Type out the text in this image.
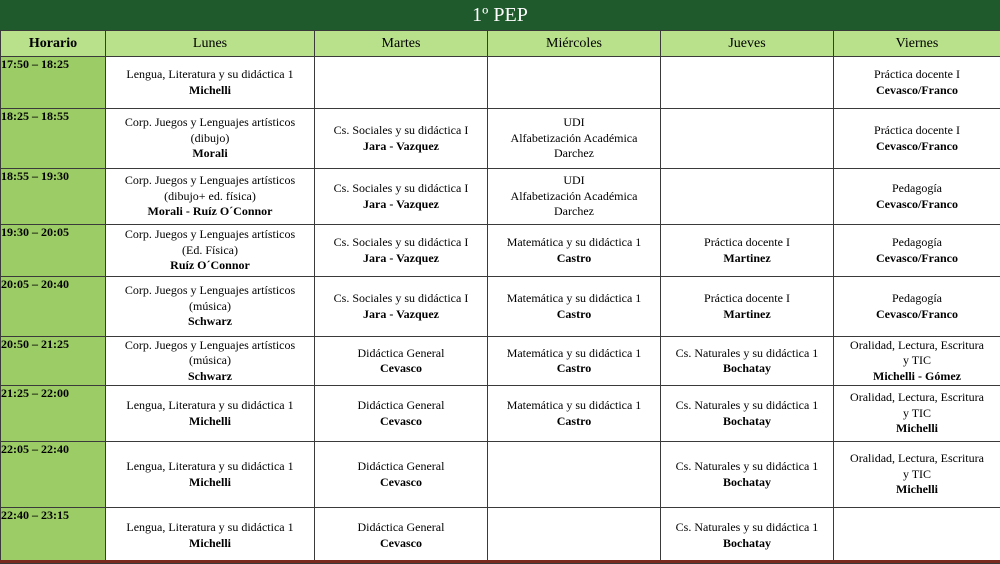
1º PEP
Horario	Lunes	Martes	Miércoles	Jueves	Viernes
17:50 – 18:25	Lengua, Literatura y su didáctica 1
Michelli				Práctica docente I
Cevasco/Franco

18:25 – 18:55	Corp. Juegos y Lenguajes artísticos
(dibujo)
Morali	Cs. Sociales y su didáctica I
Jara - Vazquez	UDI
Alfabetización Académica
Darchez		Práctica docente I
Cevasco/Franco

18:55 – 19:30	Corp. Juegos y Lenguajes artísticos
(dibujo+ ed. física)
Morali - Ruíz O´Connor	Cs. Sociales y su didáctica I
Jara - Vazquez	UDI
Alfabetización Académica
Darchez		Pedagogía
Cevasco/Franco

19:30 – 20:05	Corp. Juegos y Lenguajes artísticos
(Ed. Física)
Ruíz O´Connor	Cs. Sociales y su didáctica I
Jara - Vazquez	Matemática y su didáctica 1
Castro	Práctica docente I
Martinez	Pedagogía
Cevasco/Franco

20:05 – 20:40	Corp. Juegos y Lenguajes artísticos
(música)
Schwarz	Cs. Sociales y su didáctica I
Jara - Vazquez	Matemática y su didáctica 1
Castro	Práctica docente I
Martinez	Pedagogía
Cevasco/Franco

20:50 – 21:25	Corp. Juegos y Lenguajes artísticos
(música)
Schwarz	Didáctica General
Cevasco	Matemática y su didáctica 1
Castro	Cs. Naturales y su didáctica 1
Bochatay	Oralidad, Lectura, Escritura
y TIC
Michelli - Gómez

21:25 – 22:00	Lengua, Literatura y su didáctica 1
Michelli	Didáctica General
Cevasco	Matemática y su didáctica 1
Castro	Cs. Naturales y su didáctica 1
Bochatay	Oralidad, Lectura, Escritura
y TIC
Michelli

22:05 – 22:40	Lengua, Literatura y su didáctica 1
Michelli	Didáctica General
Cevasco		Cs. Naturales y su didáctica 1
Bochatay	Oralidad, Lectura, Escritura
y TIC
Michelli

22:40 – 23:15	Lengua, Literatura y su didáctica 1
Michelli	Didáctica General
Cevasco		Cs. Naturales y su didáctica 1
Bochatay	
